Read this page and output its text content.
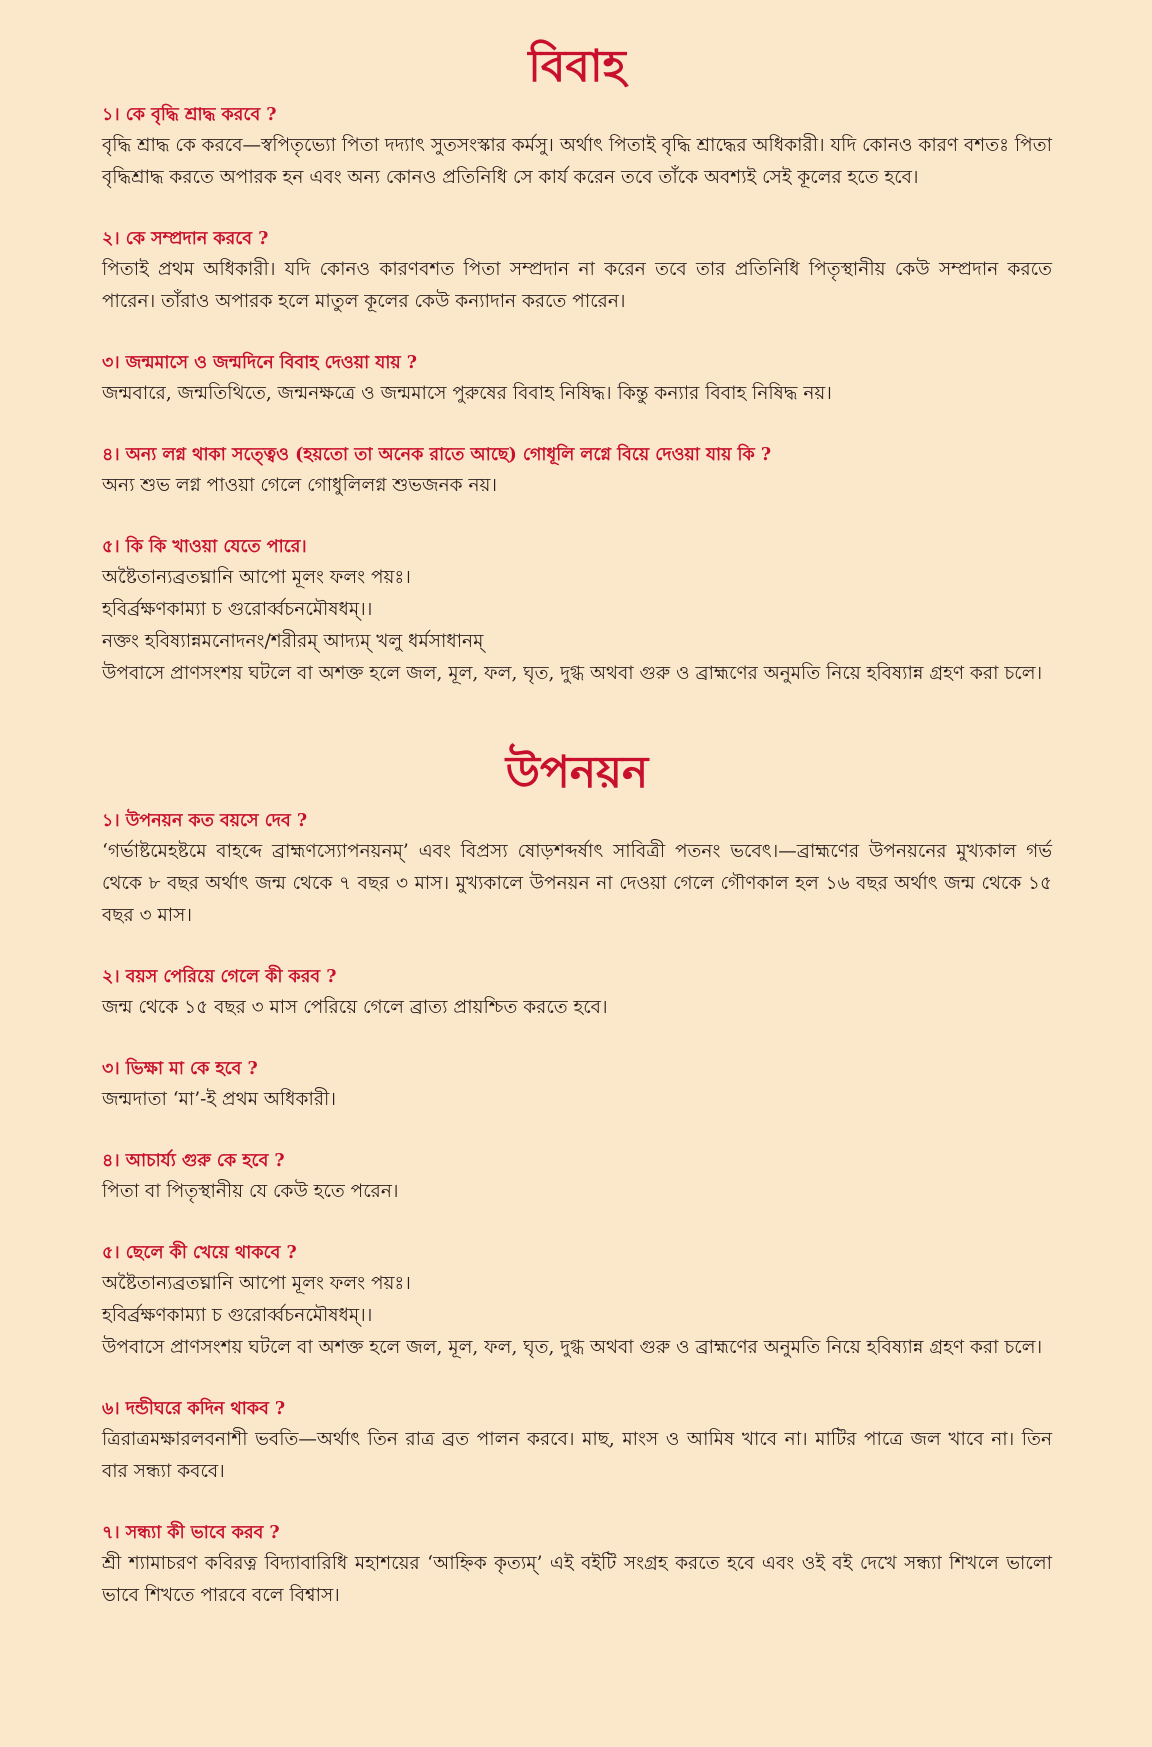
বিবাহ
১। কে বৃদ্ধি শ্রাদ্ধ করবে ?
বৃদ্ধি শ্রাদ্ধ কে করবে—স্বপিতৃভ্যো পিতা দদ্যাৎ সুতসংস্কার কর্মসু। অর্থাৎ পিতাই বৃদ্ধি শ্রাদ্ধের অধিকারী। যদি কোনও কারণ বশতঃ পিতা বৃদ্ধিশ্রাদ্ধ করতে অপারক হন এবং অন্য কোনও প্রতিনিধি সে কার্য করেন তবে তাঁকে অবশ্যই সেই কূলের হতে হবে।
২। কে সম্প্রদান করবে ?
পিতাই প্রথম অধিকারী। যদি কোনও কারণবশত পিতা সম্প্রদান না করেন তবে তার প্রতিনিধি পিতৃস্থানীয় কেউ সম্প্রদান করতে পারেন। তাঁরাও অপারক হলে মাতুল কূলের কেউ কন্যাদান করতে পারেন।
৩। জন্মমাসে ও জন্মদিনে বিবাহ দেওয়া যায় ?
জন্মবারে, জন্মতিথিতে, জন্মনক্ষত্রে ও জন্মমাসে পুরুষের বিবাহ নিষিদ্ধ। কিন্তু কন্যার বিবাহ নিষিদ্ধ নয়।
৪। অন্য লগ্ন থাকা সত্ত্বেও (হয়তো তা অনেক রাতে আছে) গোধূলি লগ্নে বিয়ে দেওয়া যায় কি ?
অন্য শুভ লগ্ন পাওয়া গেলে গোধুলিলগ্ন শুভজনক নয়।
৫। কি কি খাওয়া যেতে পারে।
অষ্টৈতান্যব্রতঘ্নানি আপো মূলং ফলং পয়ঃ।
হবির্ব্রক্ষণকাম্যা চ গুরোর্ব্বচনমৌষধম্।।
নক্তং হবিষ্যান্নমনোদনং/শরীরম্ আদ্যম্ খলু ধর্মসাধানম্
উপবাসে প্রাণসংশয় ঘটলে বা অশক্ত হলে জল, মূল, ফল, ঘৃত, দুগ্ধ অথবা গুরু ও ব্রাহ্মণের অনুমতি নিয়ে হবিষ্যান্ন গ্রহণ করা চলে।
উপনয়ন
১। উপনয়ন কত বয়সে দেব ?
‘গর্ভাষ্টমেহষ্টমে বাহব্দে ব্রাহ্মণস্যোপনয়নম্’ এবং বিপ্রস্য ষোড়শব্দর্ষাৎ সাবিত্রী পতনং ভবেৎ।—ব্রাহ্মণের উপনয়নের মুখ্যকাল গর্ভ থেকে ৮ বছর অর্থাৎ জন্ম থেকে ৭ বছর ৩ মাস। মুখ্যকালে উপনয়ন না দেওয়া গেলে গৌণকাল হল ১৬ বছর অর্থাৎ জন্ম থেকে ১৫ বছর ৩ মাস।
২। বয়স পেরিয়ে গেলে কী করব ?
জন্ম থেকে ১৫ বছর ৩ মাস পেরিয়ে গেলে ব্রাত্য প্রায়শ্চিত করতে হবে।
৩। ভিক্ষা মা কে হবে ?
জন্মদাতা ‘মা’-ই প্রথম অধিকারী।
৪। আচার্য্য গুরু কে হবে ?
পিতা বা পিতৃস্থানীয় যে কেউ হতে পরেন।
৫। ছেলে কী খেয়ে থাকবে ?
অষ্টৈতান্যব্রতঘ্নানি আপো মূলং ফলং পয়ঃ।
হবির্ব্রক্ষণকাম্যা চ গুরোর্ব্বচনমৌষধম্।।
উপবাসে প্রাণসংশয় ঘটলে বা অশক্ত হলে জল, মূল, ফল, ঘৃত, দুগ্ধ অথবা গুরু ও ব্রাহ্মণের অনুমতি নিয়ে হবিষ্যান্ন গ্রহণ করা চলে।
৬। দন্ডীঘরে কদিন থাকব ?
ত্রিরাত্রমক্ষারলবনাশী ভবতি—অর্থাৎ তিন রাত্র ব্রত পালন করবে। মাছ, মাংস ও আমিষ খাবে না। মাটির পাত্রে জল খাবে না। তিন বার সন্ধ্যা কববে।
৭। সন্ধ্যা কী ভাবে করব ?
শ্রী শ্যামাচরণ কবিরত্ন বিদ্যাবারিধি মহাশয়ের ‘আহ্নিক কৃত্যম্’ এই বইটি সংগ্রহ করতে হবে এবং ওই বই দেখে সন্ধ্যা শিখলে ভালো ভাবে শিখতে পারবে বলে বিশ্বাস।
